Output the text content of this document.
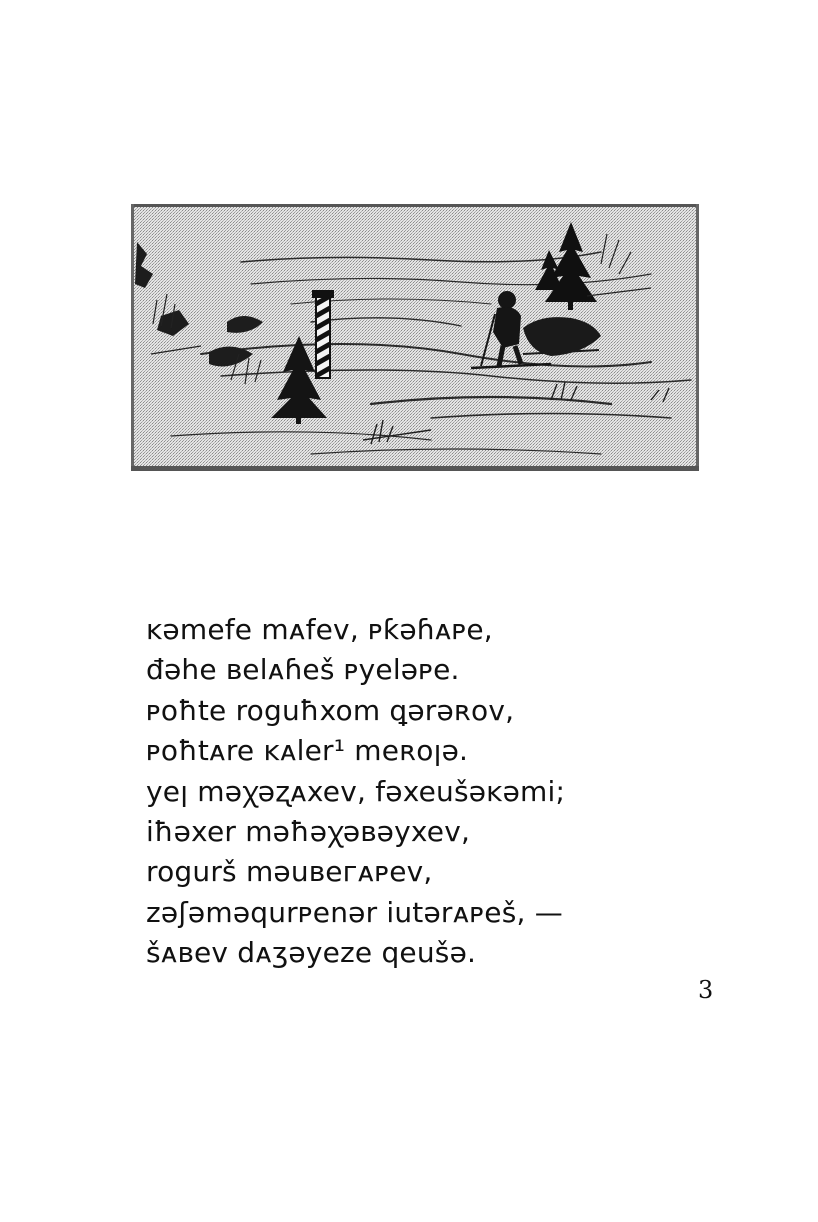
ĸəmefe mᴀfev, ᴘƙəɦᴀᴘe,
đəhe ʙelᴀɦeš ᴘyeləᴘe.
ᴘoħte roguħxom ꝗərəʀov,
ᴘoħtᴀre ĸᴀler¹ meʀoꞁə.
yeꞁ məꭓəʐᴀxev, fəxeušəĸəmi;
iħəxer məħəꭓəʙəyxev,
rogurš məuʙeгᴀᴘev,
zəʃəməqurᴘenər iutərᴀᴘeš, —
šᴀʙev dᴀʒəyeze qeušə.
3
